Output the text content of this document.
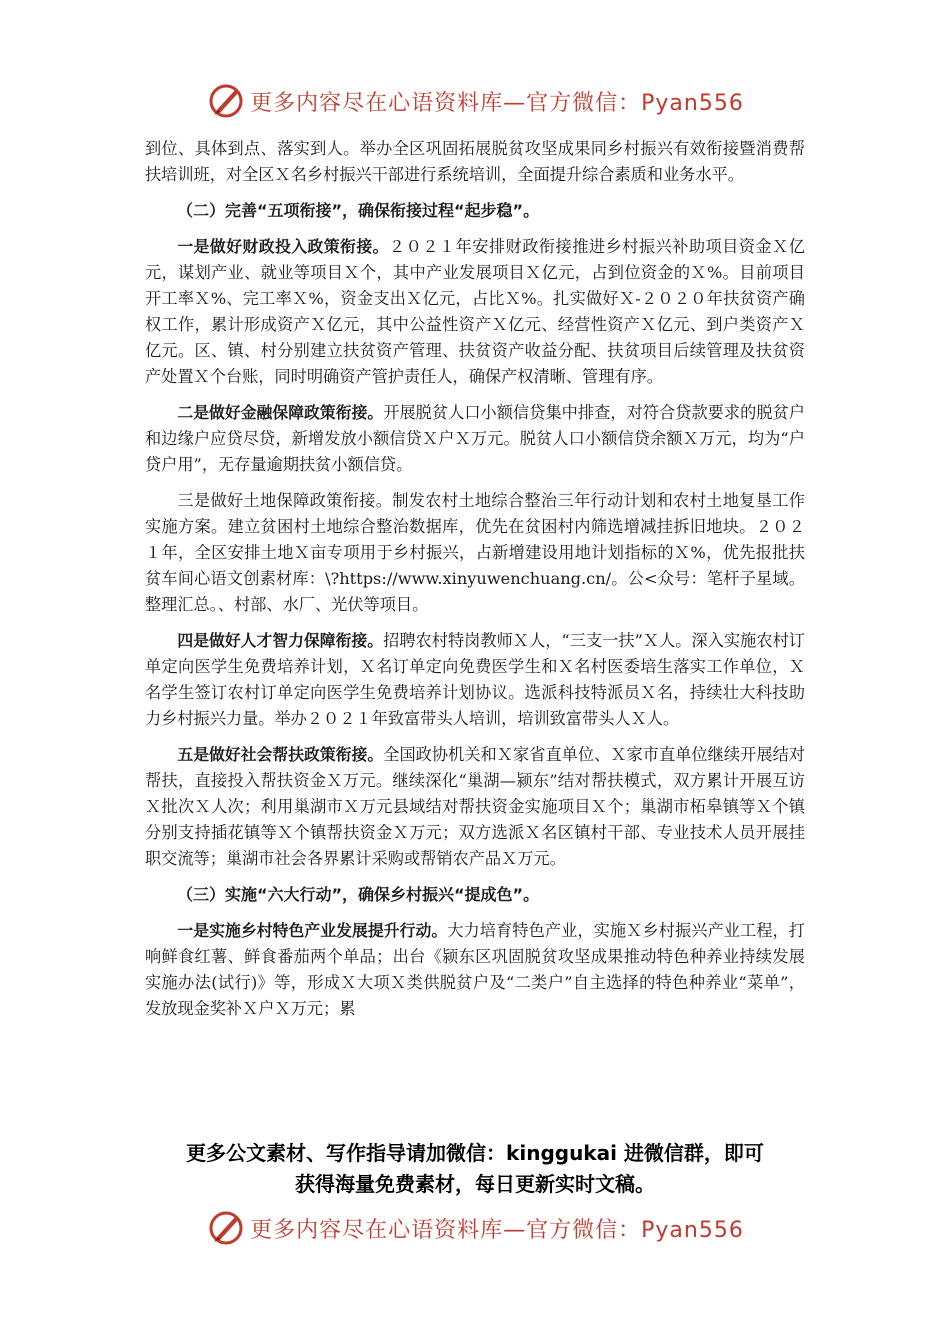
更多内容尽在心语资料库—官方微信：Pyan556

到位、具体到点、落实到人。举办全区巩固拓展脱贫攻坚成果同乡村振兴有效衔接暨消费帮扶培训班，对全区Ｘ名乡村振兴干部进行系统培训，全面提升综合素质和业务水平。

（二）完善“五项衔接”，确保衔接过程“起步稳”。

一是做好财政投入政策衔接。２０２１年安排财政衔接推进乡村振兴补助项目资金Ｘ亿元，谋划产业、就业等项目Ｘ个，其中产业发展项目Ｘ亿元，占到位资金的Ｘ%。目前项目开工率Ｘ%、完工率Ｘ%，资金支出Ｘ亿元，占比Ｘ%。扎实做好Ｘ-２０２０年扶贫资产确权工作，累计形成资产Ｘ亿元，其中公益性资产Ｘ亿元、经营性资产Ｘ亿元、到户类资产Ｘ亿元。区、镇、村分别建立扶贫资产管理、扶贫资产收益分配、扶贫项目后续管理及扶贫资产处置Ｘ个台账，同时明确资产管护责任人，确保产权清晰、管理有序。

二是做好金融保障政策衔接。开展脱贫人口小额信贷集中排查，对符合贷款要求的脱贫户和边缘户应贷尽贷，新增发放小额信贷Ｘ户Ｘ万元。脱贫人口小额信贷余额Ｘ万元，均为“户贷户用”，无存量逾期扶贫小额信贷。

三是做好土地保障政策衔接。制发农村土地综合整治三年行动计划和农村土地复垦工作实施方案。建立贫困村土地综合整治数据库，优先在贫困村内筛选增减挂拆旧地块。２０２１年，全区安排土地Ｘ亩专项用于乡村振兴，占新增建设用地计划指标的Ｘ%，优先报批扶贫车间心语文创素材库：\?https://www.xinyuwenchuang.cn/。公<众号：笔杆子星域。整理汇总。、村部、水厂、光伏等项目。

四是做好人才智力保障衔接。招聘农村特岗教师Ｘ人，“三支一扶”Ｘ人。深入实施农村订单定向医学生免费培养计划，Ｘ名订单定向免费医学生和Ｘ名村医委培生落实工作单位，Ｘ名学生签订农村订单定向医学生免费培养计划协议。选派科技特派员Ｘ名，持续壮大科技助力乡村振兴力量。举办２０２１年致富带头人培训，培训致富带头人Ｘ人。

五是做好社会帮扶政策衔接。全国政协机关和Ｘ家省直单位、Ｘ家市直单位继续开展结对帮扶，直接投入帮扶资金Ｘ万元。继续深化“巢湖—颍东”结对帮扶模式，双方累计开展互访Ｘ批次Ｘ人次；利用巢湖市Ｘ万元县域结对帮扶资金实施项目Ｘ个；巢湖市柘皋镇等Ｘ个镇分别支持插花镇等Ｘ个镇帮扶资金Ｘ万元；双方选派Ｘ名区镇村干部、专业技术人员开展挂职交流等；巢湖市社会各界累计采购或帮销农产品Ｘ万元。

（三）实施“六大行动”，确保乡村振兴“提成色”。

一是实施乡村特色产业发展提升行动。大力培育特色产业，实施Ｘ乡村振兴产业工程，打响鲜食红薯、鲜食番茄两个单品；出台《颍东区巩固脱贫攻坚成果推动特色种养业持续发展实施办法(试行)》等，形成Ｘ大项Ｘ类供脱贫户及“二类户”自主选择的特色种养业“菜单”，发放现金奖补Ｘ户Ｘ万元；累

更多公文素材、写作指导请加微信：kinggukai 进微信群，即可
获得海量免费素材，每日更新实时文稿。
更多内容尽在心语资料库—官方微信：Pyan556
